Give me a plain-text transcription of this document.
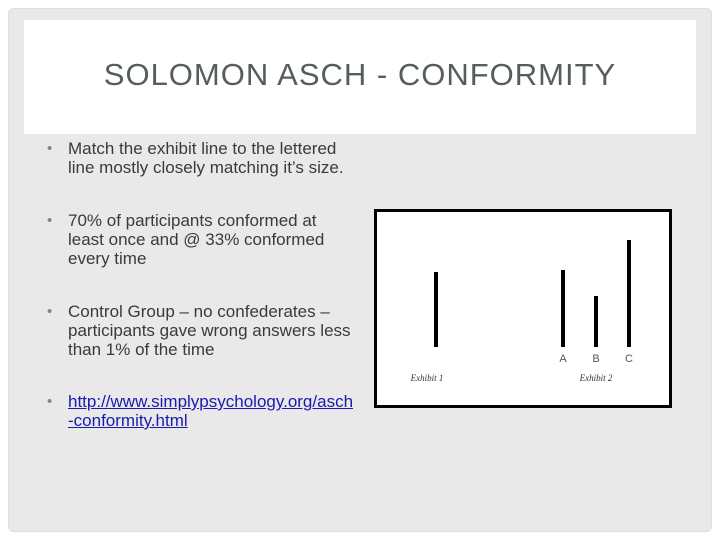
SOLOMON ASCH - CONFORMITY
• Match the exhibit line to the lettered line mostly closely matching it’s size.
• 70% of participants conformed at least once and @ 33% conformed every time
• Control Group – no confederates – participants gave wrong answers less than 1% of the time
• http://www.simplypsychology.org/asch-conformity.html
A B C
Exhibit 1	Exhibit 2
